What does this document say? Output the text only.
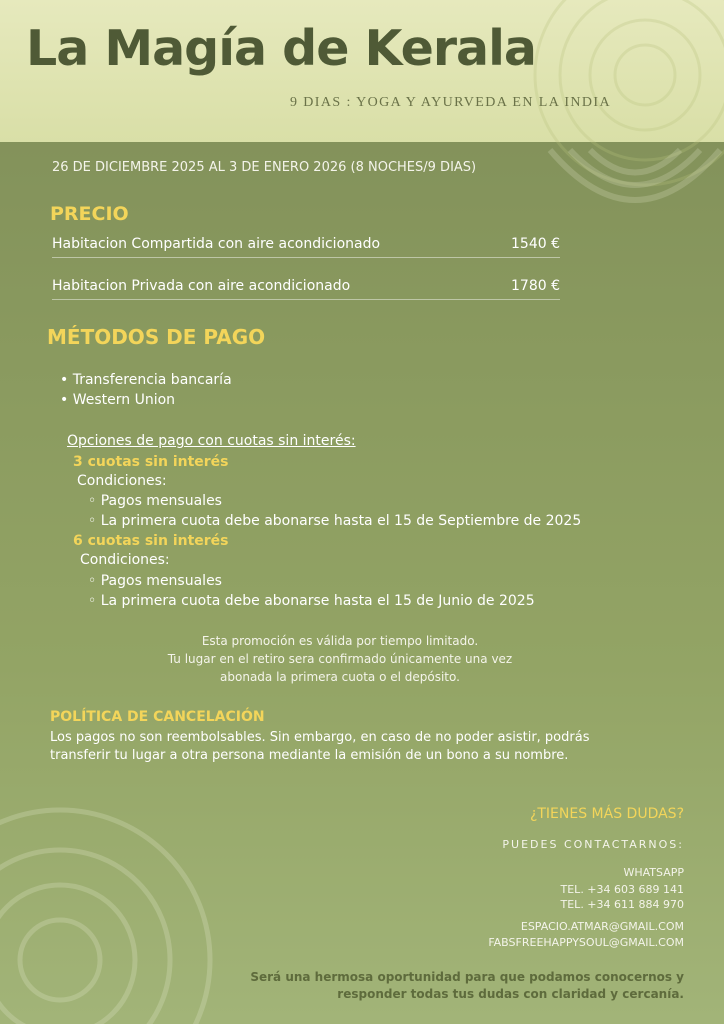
La Magía de Kerala
9 DIAS : YOGA Y AYURVEDA EN LA INDIA
26 DE DICIEMBRE 2025 AL 3 DE ENERO 2026 (8 NOCHES/9 DIAS)
PRECIO
Habitacion Compartida con aire acondicionado	1540 €
Habitacion Privada con aire acondicionado	1780 €
MÉTODOS DE PAGO
• Transferencia bancaría
• Western Union
Opciones de pago con cuotas sin interés:
3 cuotas sin interés
Condiciones:
◦ Pagos mensuales
◦ La primera cuota debe abonarse hasta el 15 de Septiembre de 2025
6 cuotas sin interés
Condiciones:
◦ Pagos mensuales
◦ La primera cuota debe abonarse hasta el 15 de Junio de 2025
Esta promoción es válida por tiempo limitado.
Tu lugar en el retiro sera confirmado únicamente una vez
abonada la primera cuota o el depósito.
POLÍTICA DE CANCELACIÓN
Los pagos no son reembolsables. Sin embargo, en caso de no poder asistir, podrás
transferir tu lugar a otra persona mediante la emisión de un bono a su nombre.
¿TIENES MÁS DUDAS?
PUEDES CONTACTARNOS:
WHATSAPP
TEL. +34 603 689 141
TEL. +34 611 884 970
ESPACIO.ATMAR@GMAIL.COM
FABSFREEHAPPYSOUL@GMAIL.COM
Será una hermosa oportunidad para que podamos conocernos y
responder todas tus dudas con claridad y cercanía.
